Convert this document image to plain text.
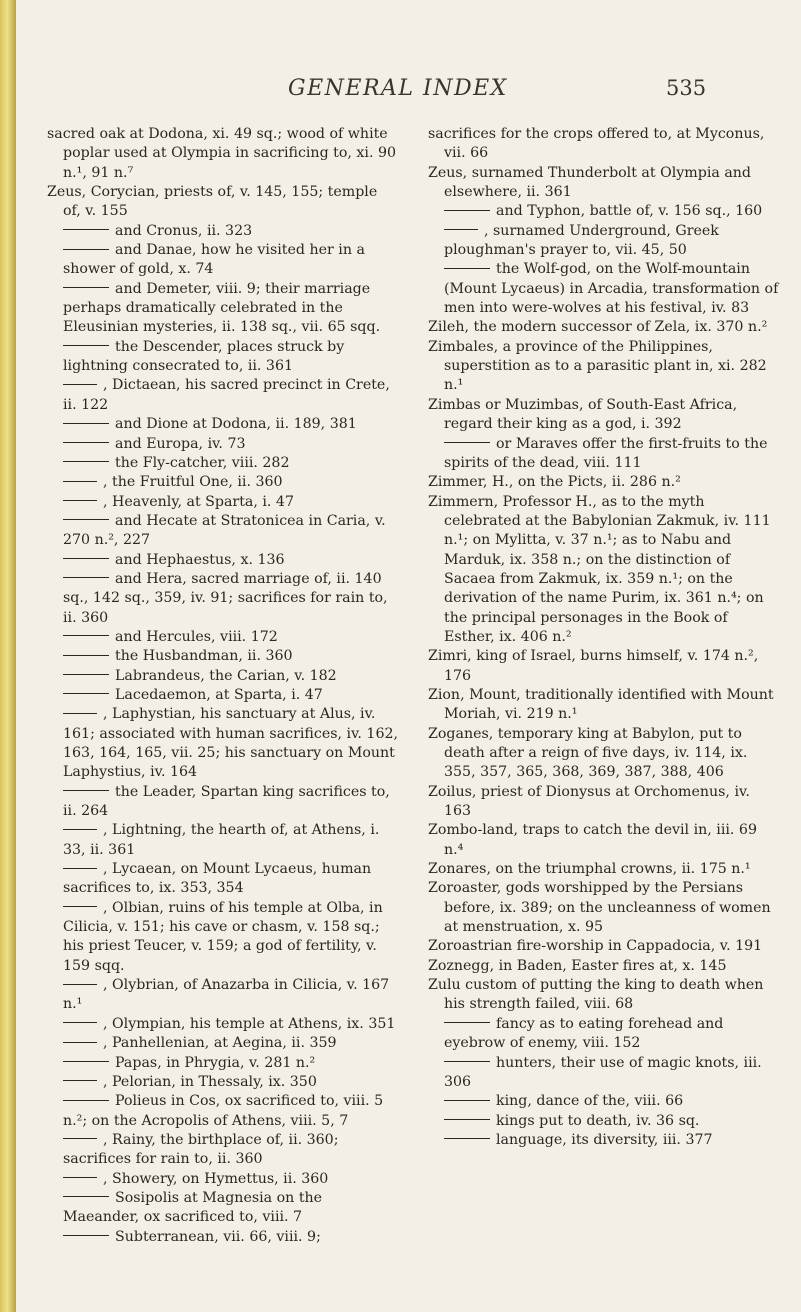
GENERAL INDEX	535

sacred oak at Dodona, xi. 49 sq.; wood of white poplar used at Olympia in sacrificing to, xi. 90 n.¹, 91 n.⁷

Zeus, Corycian, priests of, v. 145, 155; temple of, v. 155

and Cronus, ii. 323

and Danae, how he visited her in a shower of gold, x. 74

and Demeter, viii. 9; their marriage perhaps dramatically celebrated in the Eleusinian mysteries, ii. 138 sq., vii. 65 sqq.

the Descender, places struck by lightning consecrated to, ii. 361

, Dictaean, his sacred precinct in Crete, ii. 122

and Dione at Dodona, ii. 189, 381

and Europa, iv. 73

the Fly-catcher, viii. 282

, the Fruitful One, ii. 360

, Heavenly, at Sparta, i. 47

and Hecate at Stratonicea in Caria, v. 270 n.², 227

and Hephaestus, x. 136

and Hera, sacred marriage of, ii. 140 sq., 142 sq., 359, iv. 91; sacrifices for rain to, ii. 360

and Hercules, viii. 172

the Husbandman, ii. 360

Labrandeus, the Carian, v. 182

Lacedaemon, at Sparta, i. 47

, Laphystian, his sanctuary at Alus, iv. 161; associated with human sacrifices, iv. 162, 163, 164, 165, vii. 25; his sanctuary on Mount Laphystius, iv. 164

the Leader, Spartan king sacrifices to, ii. 264

, Lightning, the hearth of, at Athens, i. 33, ii. 361

, Lycaean, on Mount Lycaeus, human sacrifices to, ix. 353, 354

, Olbian, ruins of his temple at Olba, in Cilicia, v. 151; his cave or chasm, v. 158 sq.; his priest Teucer, v. 159; a god of fertility, v. 159 sqq.

, Olybrian, of Anazarba in Cilicia, v. 167 n.¹

, Olympian, his temple at Athens, ix. 351

, Panhellenian, at Aegina, ii. 359

Papas, in Phrygia, v. 281 n.²

, Pelorian, in Thessaly, ix. 350

Polieus in Cos, ox sacrificed to, viii. 5 n.²; on the Acropolis of Athens, viii. 5, 7

, Rainy, the birthplace of, ii. 360; sacrifices for rain to, ii. 360

, Showery, on Hymettus, ii. 360

Sosipolis at Magnesia on the Maeander, ox sacrificed to, viii. 7

Subterranean, vii. 66, viii. 9;

sacrifices for the crops offered to, at Myconus, vii. 66

Zeus, surnamed Thunderbolt at Olympia and elsewhere, ii. 361

and Typhon, battle of, v. 156 sq., 160

, surnamed Underground, Greek ploughman's prayer to, vii. 45, 50

the Wolf-god, on the Wolf-mountain (Mount Lycaeus) in Arcadia, transformation of men into were-wolves at his festival, iv. 83

Zileh, the modern successor of Zela, ix. 370 n.²

Zimbales, a province of the Philippines, superstition as to a parasitic plant in, xi. 282 n.¹

Zimbas or Muzimbas, of South-East Africa, regard their king as a god, i. 392

or Maraves offer the first-fruits to the spirits of the dead, viii. 111

Zimmer, H., on the Picts, ii. 286 n.²

Zimmern, Professor H., as to the myth celebrated at the Babylonian Zakmuk, iv. 111 n.¹; on Mylitta, v. 37 n.¹; as to Nabu and Marduk, ix. 358 n.; on the distinction of Sacaea from Zakmuk, ix. 359 n.¹; on the derivation of the name Purim, ix. 361 n.⁴; on the principal personages in the Book of Esther, ix. 406 n.²

Zimri, king of Israel, burns himself, v. 174 n.², 176

Zion, Mount, traditionally identified with Mount Moriah, vi. 219 n.¹

Zoganes, temporary king at Babylon, put to death after a reign of five days, iv. 114, ix. 355, 357, 365, 368, 369, 387, 388, 406

Zoilus, priest of Dionysus at Orchomenus, iv. 163

Zombo-land, traps to catch the devil in, iii. 69 n.⁴

Zonares, on the triumphal crowns, ii. 175 n.¹

Zoroaster, gods worshipped by the Persians before, ix. 389; on the uncleanness of women at menstruation, x. 95

Zoroastrian fire-worship in Cappadocia, v. 191

Zoznegg, in Baden, Easter fires at, x. 145

Zulu custom of putting the king to death when his strength failed, viii. 68

fancy as to eating forehead and eyebrow of enemy, viii. 152

hunters, their use of magic knots, iii. 306

king, dance of the, viii. 66

kings put to death, iv. 36 sq.

language, its diversity, iii. 377
